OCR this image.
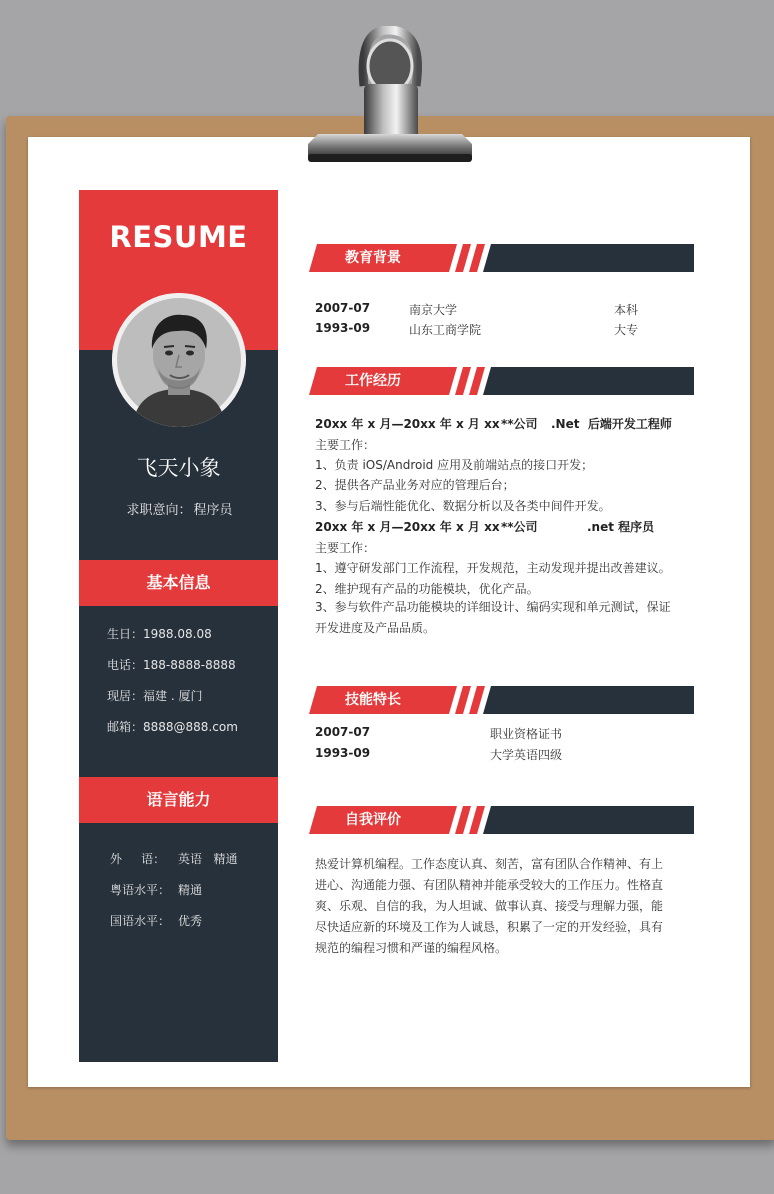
RESUME
飞天小象
求职意向： 程序员
基本信息
生日：1988.08.08
电话：188-8888-8888
现居：福建 . 厦门
邮箱：8888@888.com
语言能力
外     语： 英语   精通
粤语水平： 精通
国语水平： 优秀
教育背景
2007-07	南京大学	本科
1993-09	山东工商学院	大专
工作经历
20xx 年 x 月—20xx 年 x 月 xx**公司 .Net  后端开发工程师
主要工作：
1、负责 iOS/Android 应用及前端站点的接口开发；
2、提供各产品业务对应的管理后台；
3、参与后端性能优化、数据分析以及各类中间件开发。
20xx 年 x 月—20xx 年 x 月 xx**公司	.net 程序员
主要工作：
1、遵守研发部门工作流程，开发规范，主动发现并提出改善建议。
2、维护现有产品的功能模块，优化产品。
3、参与软件产品功能模块的详细设计、编码实现和单元测试，保证开发进度及产品品质。
技能特长
2007-07	职业资格证书
1993-09	大学英语四级
自我评价
热爱计算机编程。工作态度认真、刻苦，富有团队合作精神、有上进心、沟通能力强、有团队精神并能承受较大的工作压力。性格直爽、乐观、自信的我，为人坦诚、做事认真、接受与理解力强，能尽快适应新的环境及工作为人诚恳，积累了一定的开发经验，具有规范的编程习惯和严谨的编程风格。
